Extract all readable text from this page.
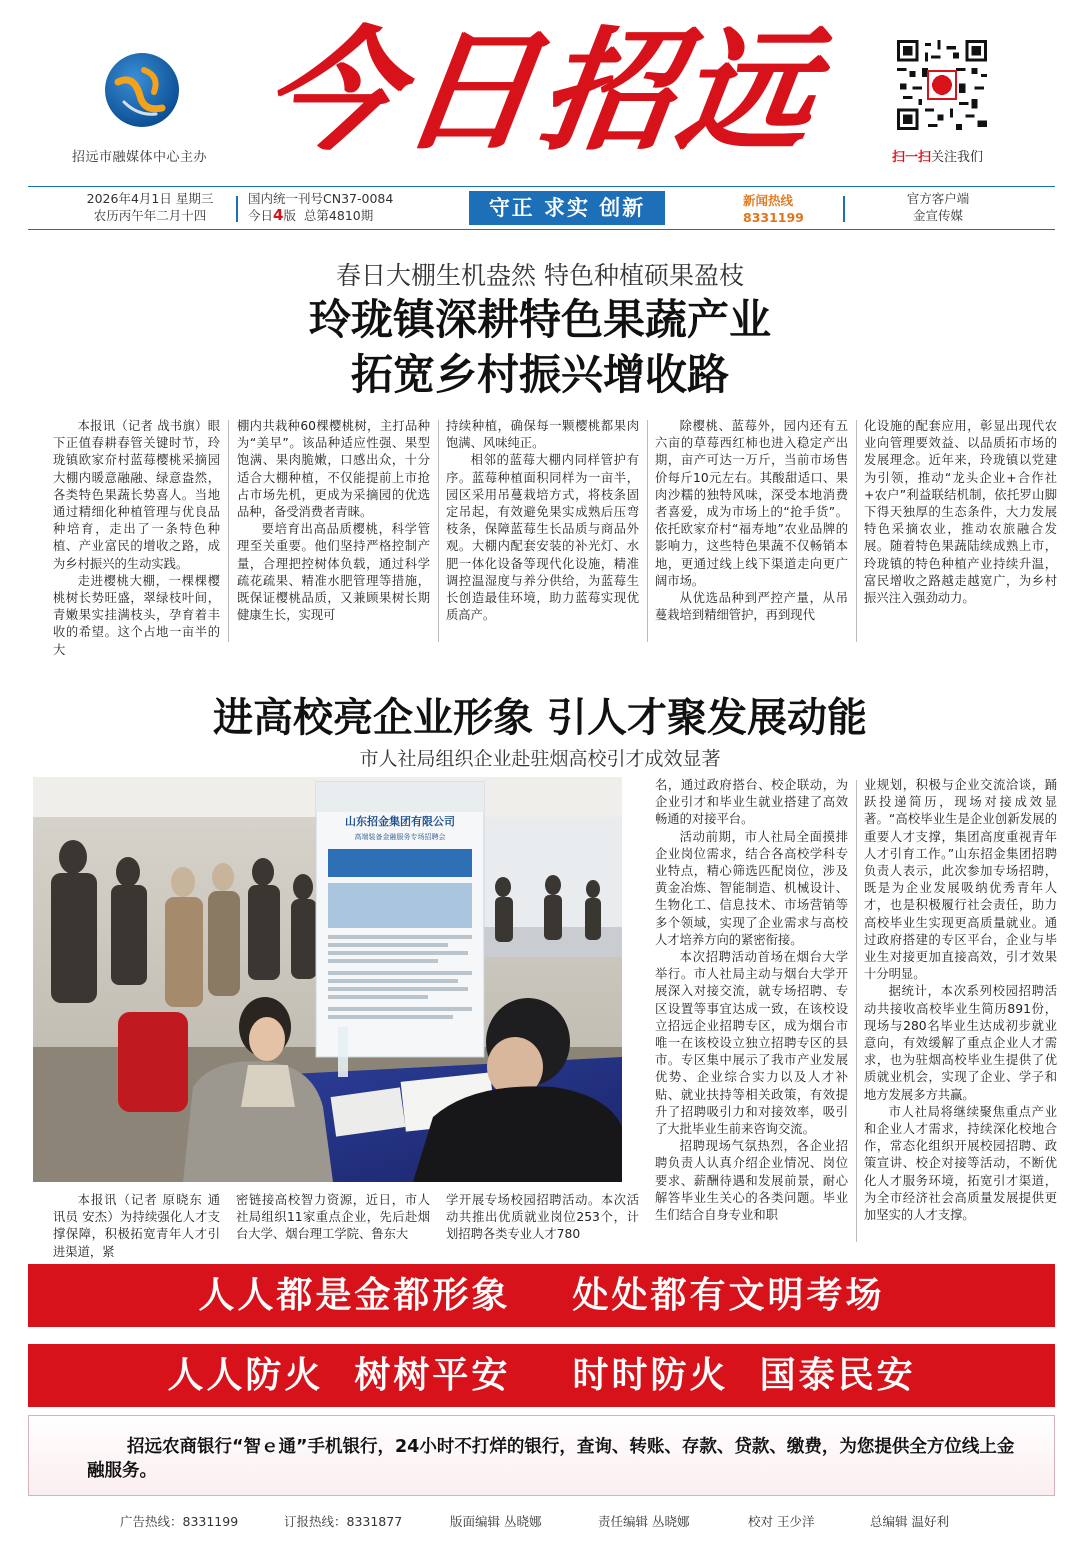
招远市融媒体中心主办 今日招远	扫一扫关注我们
2026年4月1日 星期三
农历丙午年二月十四
国内统一刊号CN37-0084
今日4版 总第4810期	守正 求实 创新	新闻热线
8331199
官方客户端
金宣传媒
春日大棚生机盎然 特色种植硕果盈枝
玲珑镇深耕特色果蔬产业
拓宽乡村振兴增收路

本报讯（记者 战书旗）眼下正值春耕春管关键时节，玲珑镇欧家夼村蓝莓樱桃采摘园大棚内暖意融融、绿意盎然，各类特色果蔬长势喜人。当地通过精细化种植管理与优良品种培育，走出了一条特色种植、产业富民的增收之路，成为乡村振兴的生动实践。

走进樱桃大棚，一棵棵樱桃树长势旺盛，翠绿枝叶间，青嫩果实挂满枝头，孕育着丰收的希望。这个占地一亩半的大

棚内共栽种60棵樱桃树，主打品种为“美早”。该品种适应性强、果型饱满、果肉脆嫩，口感出众，十分适合大棚种植，不仅能提前上市抢占市场先机，更成为采摘园的优选品种，备受消费者青睐。

要培育出高品质樱桃，科学管理至关重要。他们坚持严格控制产量，合理把控树体负载，通过科学疏花疏果、精准水肥管理等措施，既保证樱桃品质，又兼顾果树长期健康生长，实现可

持续种植，确保每一颗樱桃都果肉饱满、风味纯正。

相邻的蓝莓大棚内同样管护有序。蓝莓种植面积同样为一亩半，园区采用吊蔓栽培方式，将枝条固定吊起，有效避免果实成熟后压弯枝条，保障蓝莓生长品质与商品外观。大棚内配套安装的补光灯、水肥一体化设备等现代化设施，精准调控温湿度与养分供给，为蓝莓生长创造最佳环境，助力蓝莓实现优质高产。

除樱桃、蓝莓外，园内还有五六亩的草莓西红柿也进入稳定产出期，亩产可达一万斤，当前市场售价每斤10元左右。其酸甜适口、果肉沙糯的独特风味，深受本地消费者喜爱，成为市场上的“抢手货”。依托欧家夼村“福寿地”农业品牌的影响力，这些特色果蔬不仅畅销本地，更通过线上线下渠道走向更广阔市场。

从优选品种到严控产量，从吊蔓栽培到精细管护，再到现代

化设施的配套应用，彰显出现代农业向管理要效益、以品质拓市场的发展理念。近年来，玲珑镇以党建为引领，推动“龙头企业+合作社+农户”利益联结机制，依托罗山脚下得天独厚的生态条件，大力发展特色采摘农业，推动农旅融合发展。随着特色果蔬陆续成熟上市，玲珑镇的特色种植产业持续升温，富民增收之路越走越宽广，为乡村振兴注入强劲动力。

进高校亮企业形象 引人才聚发展动能
市人社局组织企业赴驻烟高校引才成效显著
山东招金集团有限公司
高端装备金融服务专场招聘会

本报讯（记者 原晓东 通讯员 安杰）为持续强化人才支撑保障，积极拓宽青年人才引进渠道，紧

密链接高校智力资源，近日，市人社局组织11家重点企业，先后赴烟台大学、烟台理工学院、鲁东大

学开展专场校园招聘活动。本次活动共推出优质就业岗位253个，计划招聘各类专业人才780

名，通过政府搭台、校企联动，为企业引才和毕业生就业搭建了高效畅通的对接平台。

活动前期，市人社局全面摸排企业岗位需求，结合各高校学科专业特点，精心筛选匹配岗位，涉及黄金冶炼、智能制造、机械设计、生物化工、信息技术、市场营销等多个领域，实现了企业需求与高校人才培养方向的紧密衔接。

本次招聘活动首场在烟台大学举行。市人社局主动与烟台大学开展深入对接交流，就专场招聘、专区设置等事宜达成一致，在该校设立招远企业招聘专区，成为烟台市唯一在该校设立独立招聘专区的县市。专区集中展示了我市产业发展优势、企业综合实力以及人才补贴、就业扶持等相关政策，有效提升了招聘吸引力和对接效率，吸引了大批毕业生前来咨询交流。

招聘现场气氛热烈，各企业招聘负责人认真介绍企业情况、岗位要求、薪酬待遇和发展前景，耐心解答毕业生关心的各类问题。毕业生们结合自身专业和职

业规划，积极与企业交流洽谈，踊跃投递简历，现场对接成效显著。“高校毕业生是企业创新发展的重要人才支撑，集团高度重视青年人才引育工作。”山东招金集团招聘负责人表示，此次参加专场招聘，既是为企业发展吸纳优秀青年人才，也是积极履行社会责任，助力高校毕业生实现更高质量就业。通过政府搭建的专区平台，企业与毕业生对接更加直接高效，引才效果十分明显。

据统计，本次系列校园招聘活动共接收高校毕业生简历891份，现场与280名毕业生达成初步就业意向，有效缓解了重点企业人才需求，也为驻烟高校毕业生提供了优质就业机会，实现了企业、学子和地方发展多方共赢。

市人社局将继续聚焦重点产业和企业人才需求，持续深化校地合作，常态化组织开展校园招聘、政策宣讲、校企对接等活动，不断优化人才服务环境，拓宽引才渠道，为全市经济社会高质量发展提供更加坚实的人才支撑。

人人都是金都形象    处处都有文明考场
人人防火  树树平安    时时防火  国泰民安
招远农商银行“智ｅ通”手机银行，24小时不打烊的银行，查询、转账、存款、贷款、缴费，为您提供全方位线上金融服务。
广告热线：8331199	订报热线：8331877	版面编辑 丛晓娜	责任编辑 丛晓娜	校对 王少洋	总编辑 温好利
